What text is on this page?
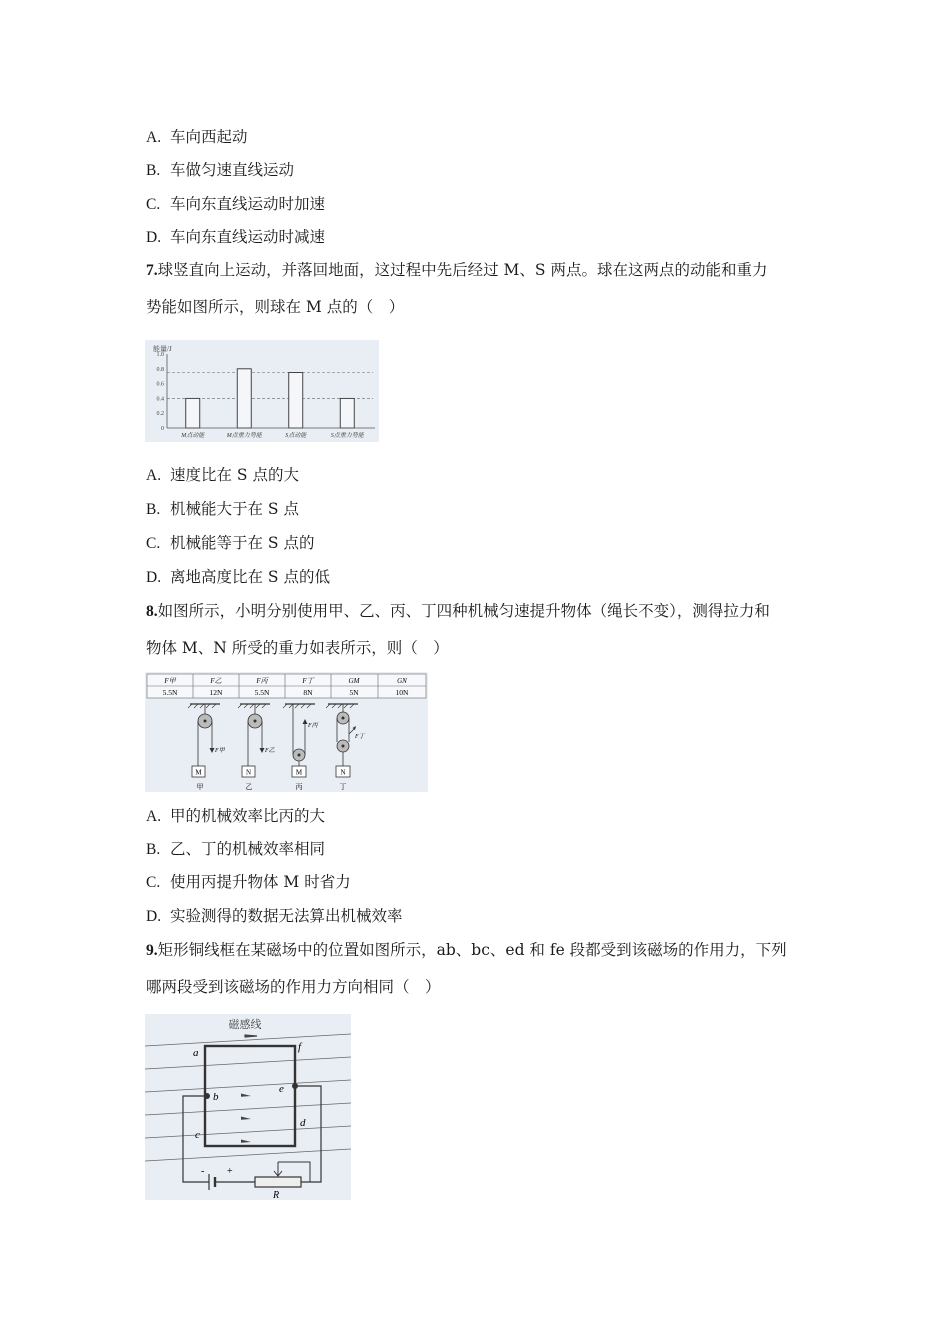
A. 车向西起动
B. 车做匀速直线运动
C. 车向东直线运动时加速
D. 车向东直线运动时减速
7.球竖直向上运动，并落回地面，这过程中先后经过 M、S 两点。球在这两点的动能和重力
势能如图所示，则球在 M 点的（　）
能量/J
1.0
0.8
0.6
0.4
0.2
0
M点动能	M点重力势能	S点动能	S点重力势能
A. 速度比在 S 点的大
B. 机械能大于在 S 点
C. 机械能等于在 S 点的
D. 离地高度比在 S 点的低
8.如图所示，小明分别使用甲、乙、丙、丁四种机械匀速提升物体（绳长不变），测得拉力和
物体 M、N 所受的重力如表所示，则（　）
F甲	F乙	F丙	F丁	GM	GN
5.5N	12N	5.5N	8N	5N	10N
F甲
M
甲
F乙
N
乙
F丙
M
丙
F丁
N
丁
A. 甲的机械效率比丙的大
B. 乙、丁的机械效率相同
C. 使用丙提升物体 M 时省力
D. 实验测得的数据无法算出机械效率
9.矩形铜线框在某磁场中的位置如图所示，ab、bc、ed 和 fe 段都受到该磁场的作用力，下列
哪两段受到该磁场的作用力方向相同（　）
磁感线
a
b
c
d
e
f
- +
R
